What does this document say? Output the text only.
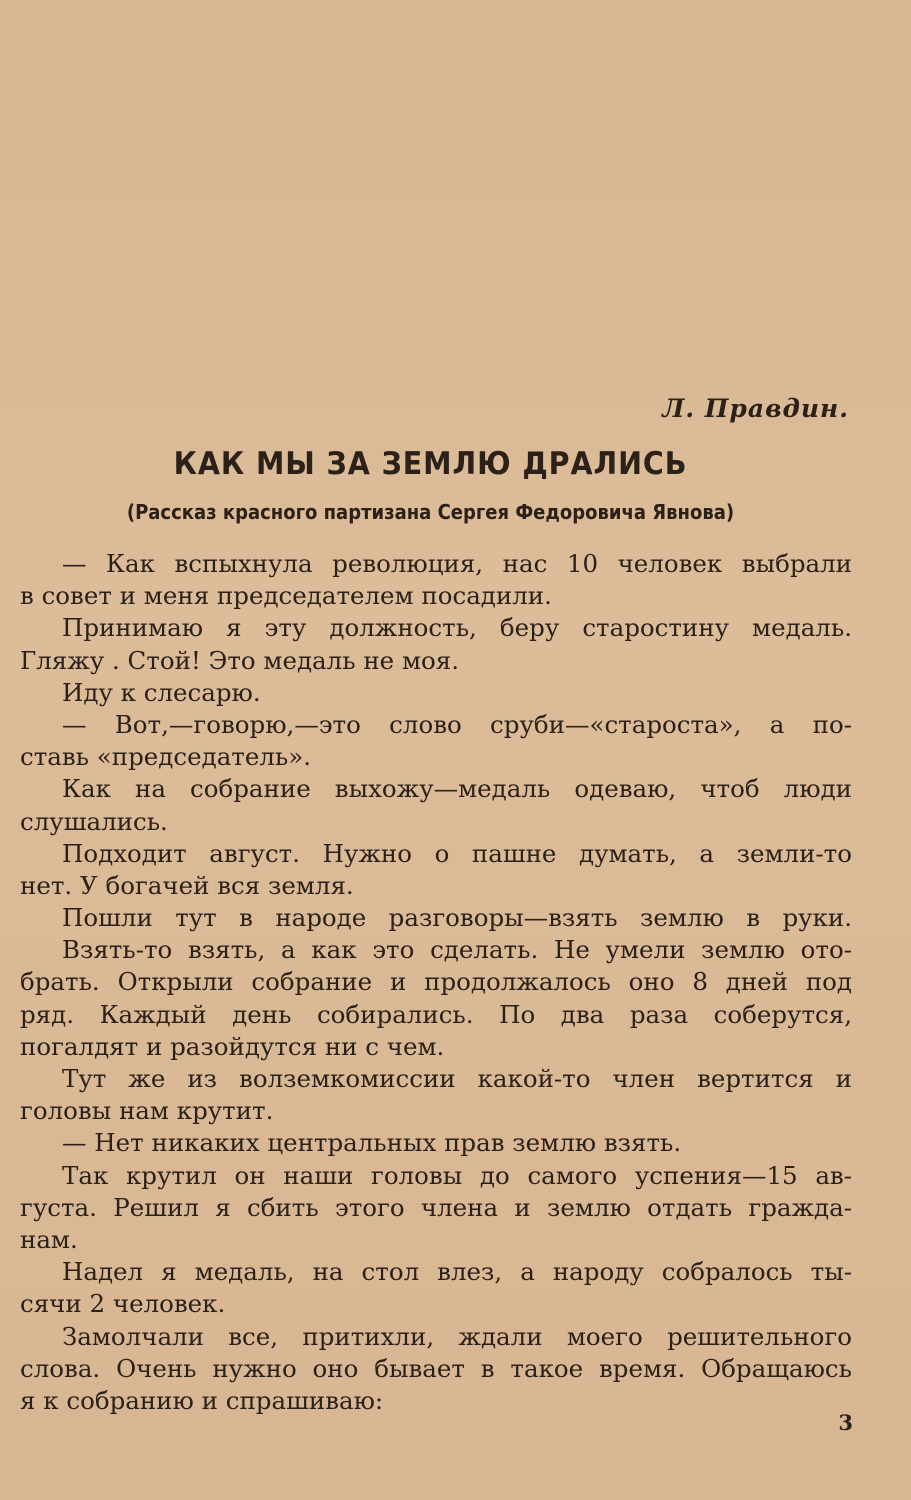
Л. Правдин.
КАК МЫ ЗА ЗЕМЛЮ ДРАЛИСЬ
(Рассказ красного партизана Сергея Федоровича Явнова)
— Как вспыхнула революция, нас 10 человек выбрали
в совет и меня председателем посадили.
Принимаю я эту должность, беру старостину медаль.
Гляжу . Стой! Это медаль не моя.
Иду к слесарю.
— Вот,—говорю,—это слово сруби—«староста», а по-
ставь «председатель».
Как на собрание выхожу—медаль одеваю, чтоб люди
слушались.
Подходит август. Нужно о пашне думать, а земли-то
нет. У богачей вся земля.
Пошли тут в народе разговоры—взять землю в руки.
Взять-то взять, а как это сделать. Не умели землю ото-
брать. Открыли собрание и продолжалось оно 8 дней под
ряд. Каждый день собирались. По два раза соберутся,
погалдят и разойдутся ни с чем.
Тут же из волземкомиссии какой-то член вертится и
головы нам крутит.
— Нет никаких центральных прав землю взять.
Так крутил он наши головы до самого успения—15 ав-
густа. Решил я сбить этого члена и землю отдать гражда-
нам.
Надел я медаль, на стол влез, а народу собралось ты-
сячи 2 человек.
Замолчали все, притихли, ждали моего решительного
слова. Очень нужно оно бывает в такое время. Обращаюсь
я к собранию и спрашиваю:
3
